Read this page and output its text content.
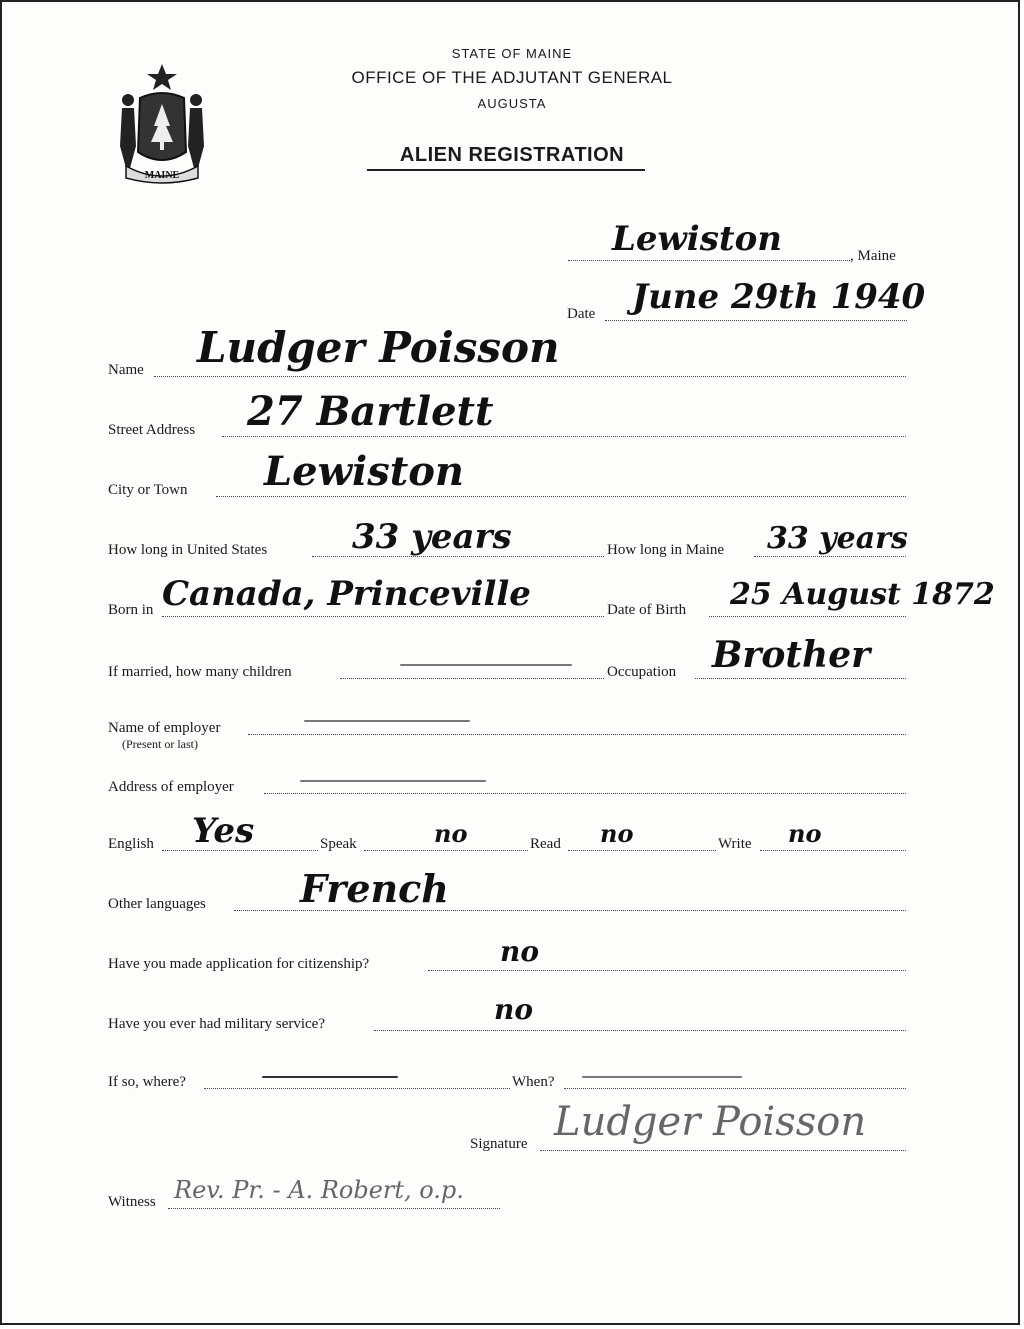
MAINE
STATE OF MAINE
OFFICE OF THE ADJUTANT GENERAL
AUGUSTA
ALIEN REGISTRATION
Lewiston	, Maine
Date June 29th 1940
Name Ludger Poisson
Street Address 27 Bartlett
City or Town Lewiston
How long in United States 33 years	How long in Maine 33 years
Born in Canada, Princeville	Date of Birth 25 August 1872
If married, how many children	Occupation Brother
Name of employer
(Present or last)
Address of employer
English Yes	Speak	no	Read no	Write no
Other languages French
Have you made application for citizenship?	no
Have you ever had military service?	no
If so, where?	When?
Signature Ludger Poisson
Witness Rev. Pr. - A. Robert, o.p.
